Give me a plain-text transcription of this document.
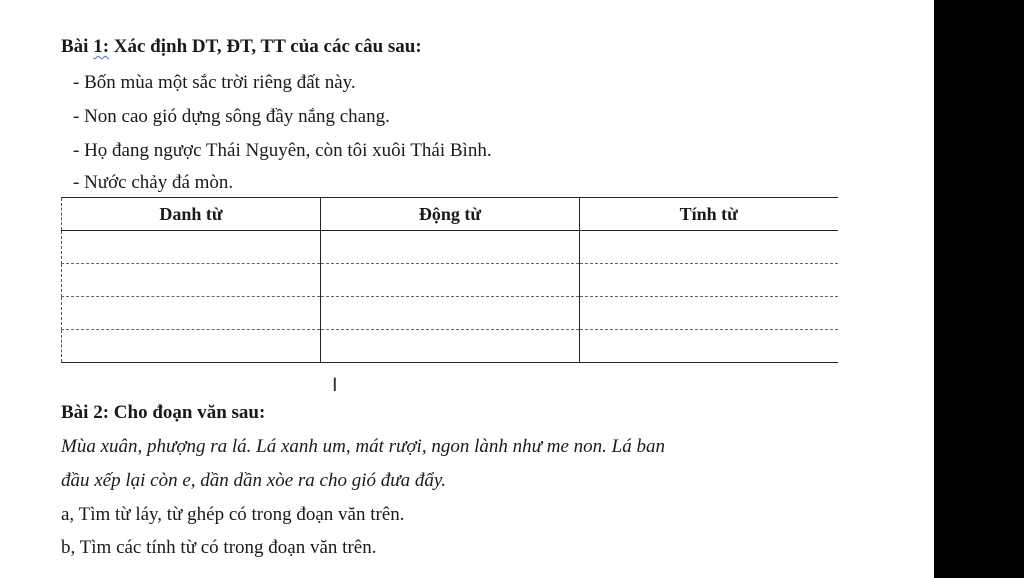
Bài 1: Xác định DT, ĐT, TT của các câu sau:
- Bốn mùa một sắc trời riêng đất này.
- Non cao gió dựng sông đầy nắng chang.
- Họ đang ngược Thái Nguyên, còn tôi xuôi Thái Bình.
- Nước chảy đá mòn.
Danh từ	Động từ	Tính từ

I
Bài 2: Cho đoạn văn sau:
Mùa xuân, phượng ra lá. Lá xanh um, mát rượi, ngon lành như me non. Lá ban
đầu xếp lại còn e, dần dần xòe ra cho gió đưa đẩy.
a, Tìm từ láy, từ ghép có trong đoạn văn trên.
b, Tìm các tính từ có trong đoạn văn trên.
